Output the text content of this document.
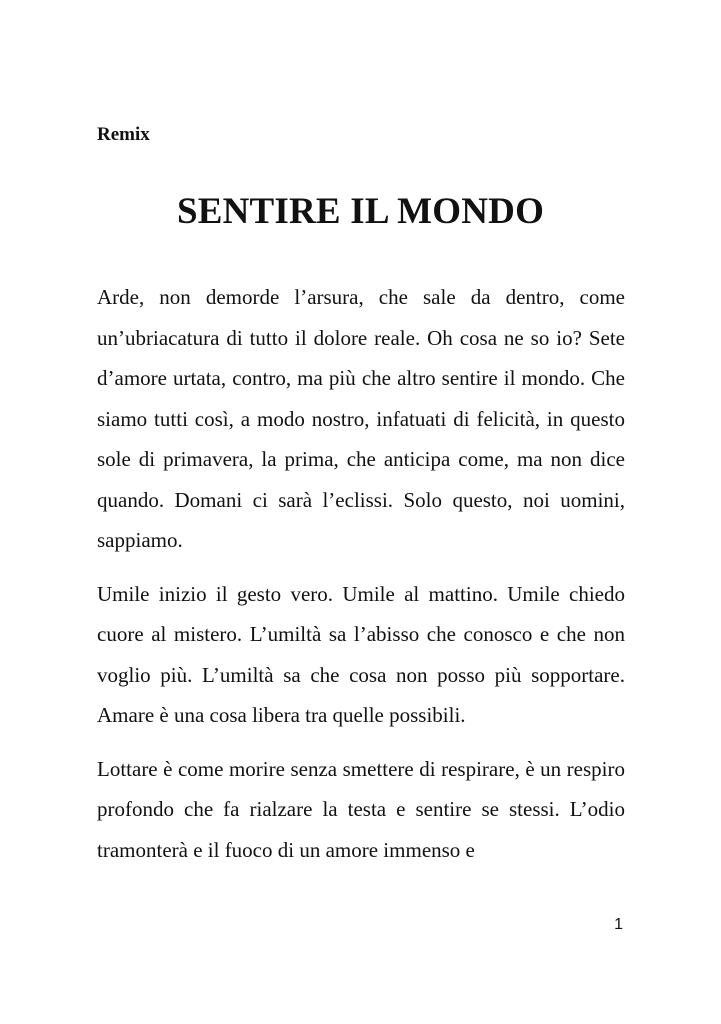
Remix

SENTIRE IL MONDO

Arde, non demorde l’arsura, che sale da dentro, come un’ubriacatura di tutto il dolore reale. Oh cosa ne so io? Sete d’amore urtata, contro, ma più che altro sentire il mondo. Che siamo tutti così, a modo nostro, infatuati di felicità, in questo sole di primavera, la prima, che anticipa come, ma non dice quando. Domani ci sarà l’eclissi. Solo questo, noi uomini, sappiamo.

Umile inizio il gesto vero. Umile al mattino. Umile chiedo cuore al mistero. L’umiltà sa l’abisso che conosco e che non voglio più. L’umiltà sa che cosa non posso più sopportare. Amare è una cosa libera tra quelle possibili.

Lottare è come morire senza smettere di respirare, è un respiro profondo che fa rialzare la testa e sentire se stessi. L’odio tramonterà e il fuoco di un amore immenso e

1
